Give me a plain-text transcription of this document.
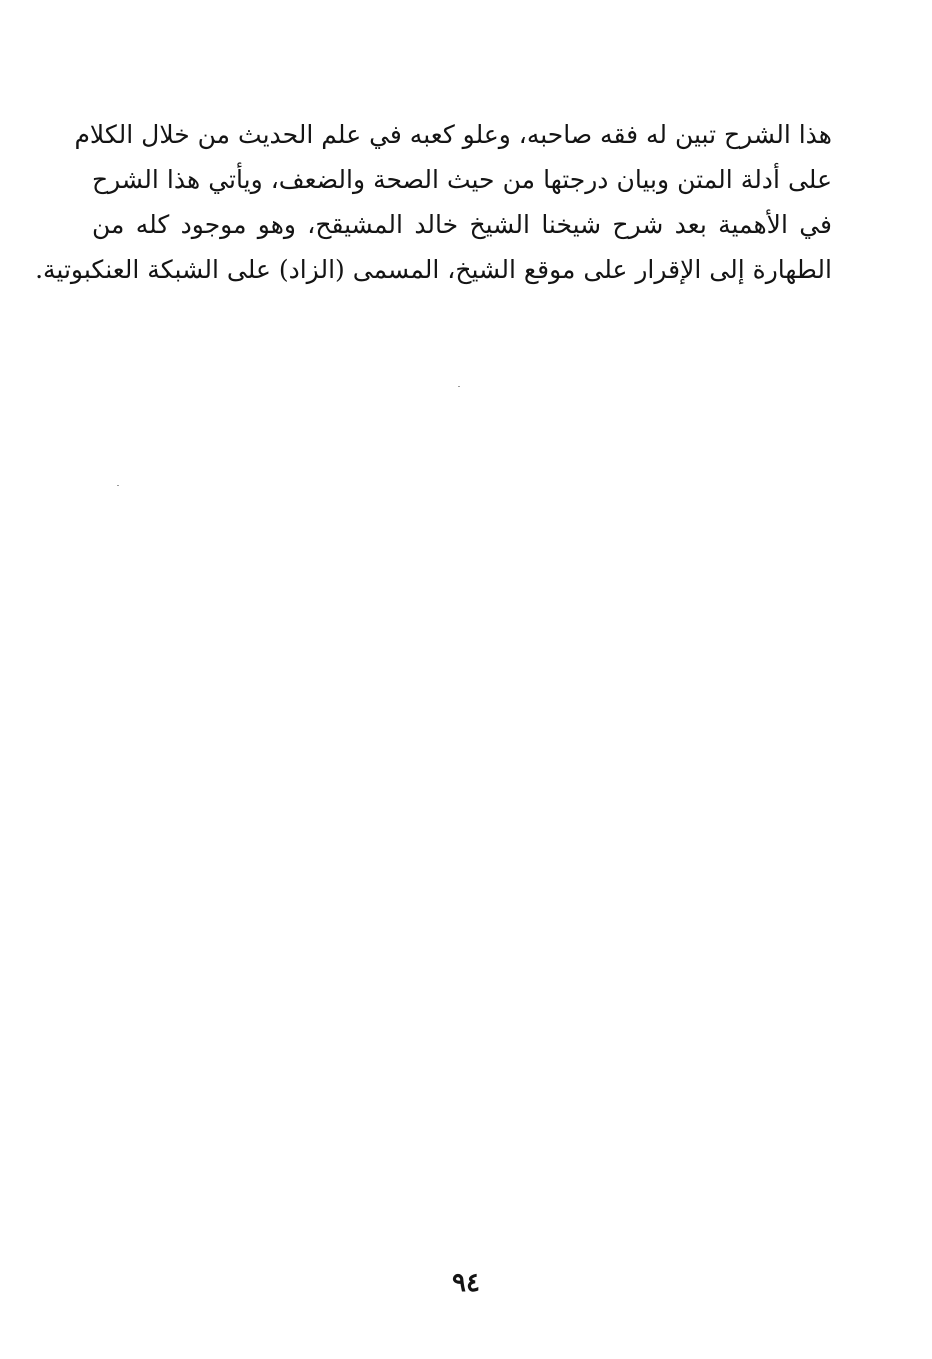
هذا الشرح تبين له فقه صاحبه، وعلو كعبه في علم الحديث من خلال الكلام
على أدلة المتن وبيان درجتها من حيث الصحة والضعف، ويأتي هذا الشرح
في الأهمية بعد شرح شيخنا الشيخ خالد المشيقح، وهو موجود كله من
الطهارة إلى الإقرار على موقع الشيخ، المسمى (الزاد) على الشبكة العنكبوتية.
٩٤
